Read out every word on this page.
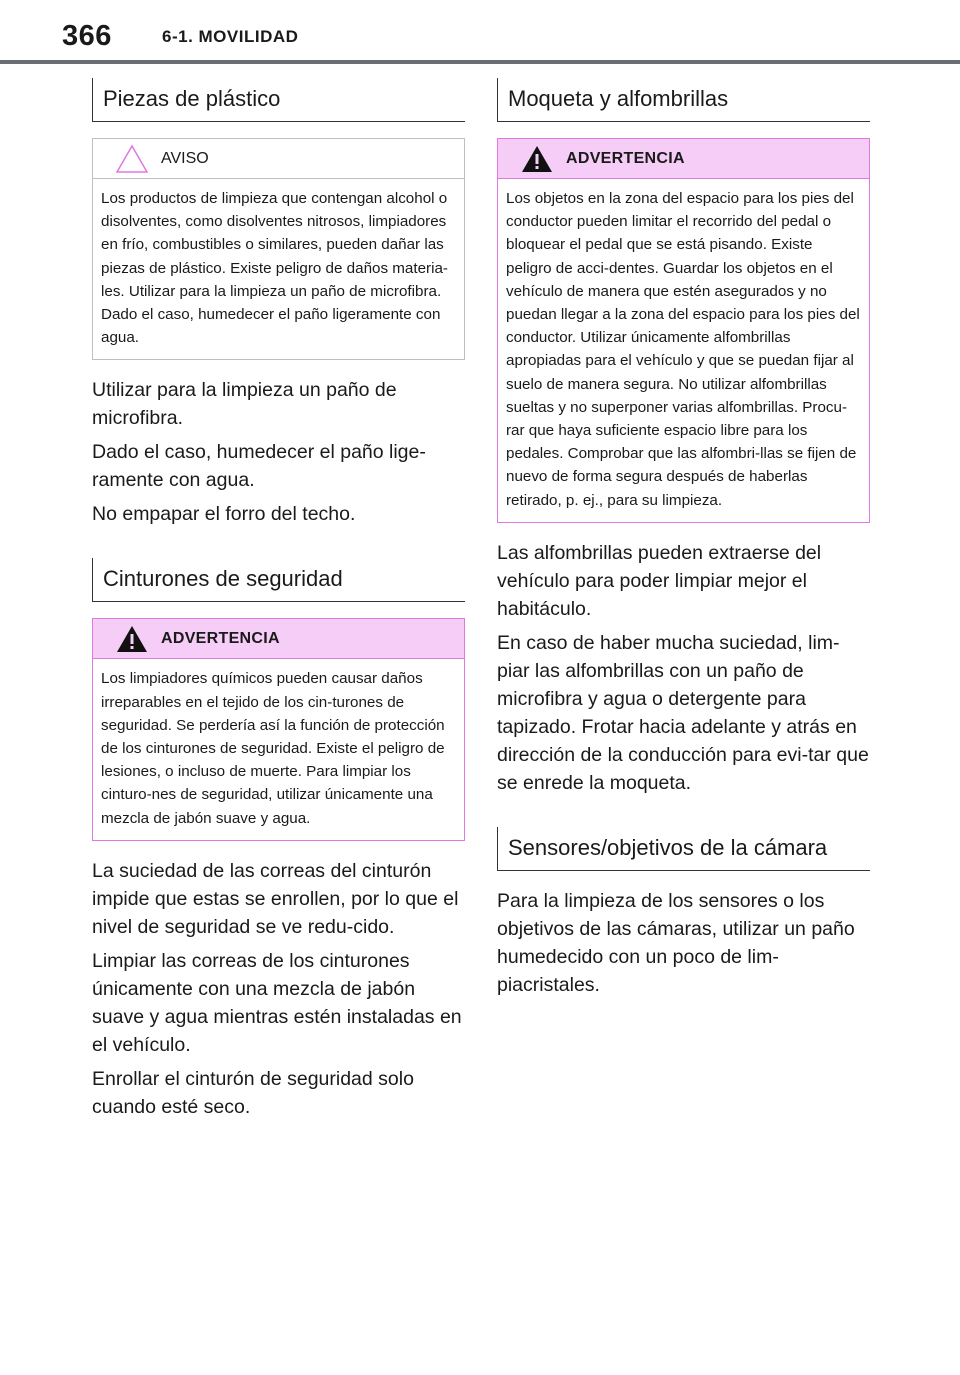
366	6-1. MOVILIDAD
Piezas de plástico
AVISO
Los productos de limpieza que contengan alcohol o disolventes, como disolventes nitrosos, limpiadores en frío, combustibles o similares, pueden dañar las piezas de plástico. Existe peligro de daños materia-les. Utilizar para la limpieza un paño de microfibra. Dado el caso, humedecer el paño ligeramente con agua.

Utilizar para la limpieza un paño de microfibra.

Dado el caso, humedecer el paño lige-ramente con agua.

No empapar el forro del techo.

Cinturones de seguridad
ADVERTENCIA
Los limpiadores químicos pueden causar daños irreparables en el tejido de los cin-turones de seguridad. Se perdería así la función de protección de los cinturones de seguridad. Existe el peligro de lesiones, o incluso de muerte. Para limpiar los cinturo-nes de seguridad, utilizar únicamente una mezcla de jabón suave y agua.

La suciedad de las correas del cinturón impide que estas se enrollen, por lo que el nivel de seguridad se ve redu-cido.

Limpiar las correas de los cinturones únicamente con una mezcla de jabón suave y agua mientras estén instaladas en el vehículo.

Enrollar el cinturón de seguridad solo cuando esté seco.

Moqueta y alfombrillas
ADVERTENCIA
Los objetos en la zona del espacio para los pies del conductor pueden limitar el recorrido del pedal o bloquear el pedal que se está pisando. Existe peligro de acci-dentes. Guardar los objetos en el vehículo de manera que estén asegurados y no puedan llegar a la zona del espacio para los pies del conductor. Utilizar únicamente alfombrillas apropiadas para el vehículo y que se puedan fijar al suelo de manera segura. No utilizar alfombrillas sueltas y no superponer varias alfombrillas. Procu-rar que haya suficiente espacio libre para los pedales. Comprobar que las alfombri-llas se fijen de nuevo de forma segura después de haberlas retirado, p. ej., para su limpieza.

Las alfombrillas pueden extraerse del vehículo para poder limpiar mejor el habitáculo.

En caso de haber mucha suciedad, lim-piar las alfombrillas con un paño de microfibra y agua o detergente para tapizado. Frotar hacia adelante y atrás en dirección de la conducción para evi-tar que se enrede la moqueta.

Sensores/objetivos de la cámara

Para la limpieza de los sensores o los objetivos de las cámaras, utilizar un paño humedecido con un poco de lim-piacristales.
